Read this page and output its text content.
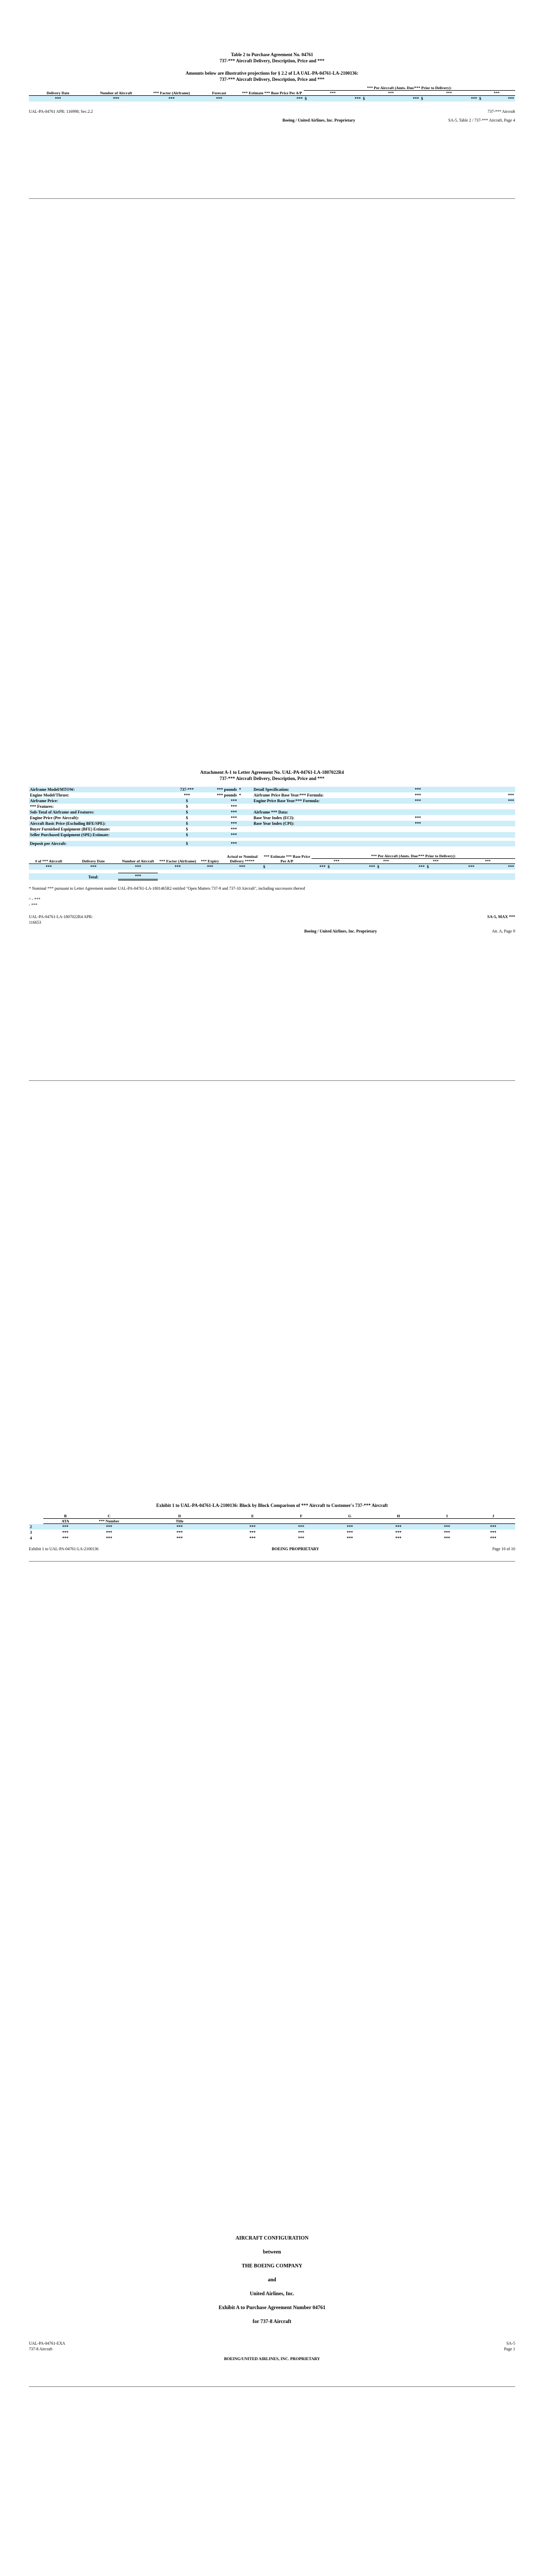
Table 2 to Purchase Agreement No. 04761
737-*** Aircraft Delivery, Description, Price and ***
Amounts below are illustrative projections for § 2.2 of LA UAL-PA-04761-LA-2100136:
737-*** Aircraft Delivery, Description, Price and ***
Delivery Date	Number of Aircraft	*** Factor (Airframe)	Forecast	*** Estimate *** Base Price Per A/P	*** Per Aircraft (Amts. Due/*** Prior to Delivery):							
					***		***		***		***	
***	***	***	***	***	$	***	$	***	$	***	$	***
UAL-PA-04761 APR: 116998; Sec.2.2	737-*** Aircraft
Boeing / United Airlines, Inc. Proprietary	SA-5, Table 2 / 737-*** Aircraft, Page 4
Attachment A-1 to Letter Agreement No. UAL-PA-04761-LA-1807022R4
737-*** Aircraft Delivery, Description, Price and ***
Airframe Model/MTOW:	737-***	*** pounds	*	Detail Specification:	***	
Engine Model/Thrust:	***	*** pounds	*	Airframe Price Base Year/*** Formula:	***	***
Airframe Price:	$	***		Engine Price Base Year/*** Formula:	***	***
*** Features:	$	***				
Sub-Total of Airframe and Features:	$	***		Airframe *** Data:		
Engine Price (Per Aircraft):	$	***		Base Year Index (ECI):	***	
Aircraft Basic Price (Excluding BFE/SPE):	$	***		Base Year Index (CPI):	***	
Buyer Furnished Equipment (BFE) Estimate:	$	***				
Seller Purchased Equipment (SPE) Estimate:	$	***				

Deposit per Aircraft:	$	***				
# of *** Aircraft	Delivery Date	Number of Aircraft	*** Factor (Airframe)	*** Expiry	Actual or Nominal Delivery *****	*** Estimate *** Base Price Per A/P	*** Per Aircraft (Amts. Due/*** Prior to Delivery):							
							***		***		***		***	
***	***	***	***	***	***	$	***	$	***	$	***	$	***	***

	Total:	***												
* Nominal *** pursuant to Letter Agreement number UAL-PA-04761-LA-1801465R2 entitled "Open Matters 737-9 and 737-10 Aircraft", including successors thereof
^ - ***
- ***
UAL-PA-04761-LA-1807022R4 APR:	SA-5, MAX ***
116653
Boeing / United Airlines, Inc. Proprietary	Att. A, Page 9
Exhibit 1 to UAL-PA-04761-LA-2100136: Block by Block Comparison of *** Aircraft to Customer's 737-*** Aircraft
	B	C	D	E	F	G	H	I	J
	ATA	*** Number	Title						
2	***	***	***	***	***	***	***	***	***
3	***	***	***	***	***	***	***	***	***
4	***	***	***	***	***	***	***	***	***
Exhibit 1 to UAL-PA-04761-LA-2100136	BOEING PROPRIETARY	Page 10 of 10
AIRCRAFT CONFIGURATION
between
THE BOEING COMPANY
and
United Airlines, Inc.
Exhibit A to Purchase Agreement Number 04761
for 737-8 Aircraft
UAL-PA-04761-EXA	SA-5
737-8 Aircraft	Page 1
BOEING/UNITED AIRLINES, INC. PROPRIETARY
